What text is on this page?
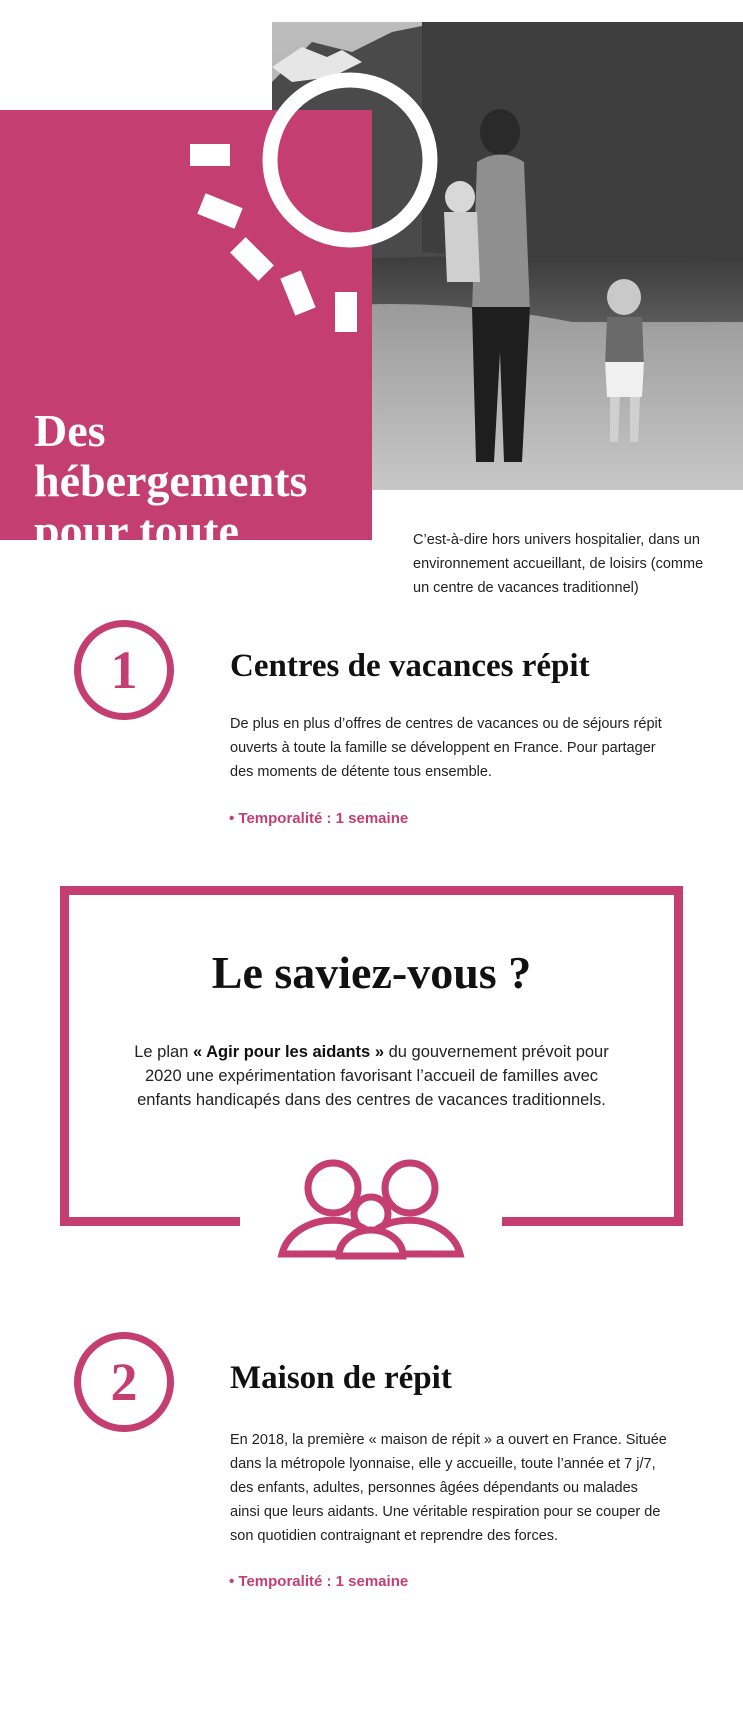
Des
hébergements
pour toute
la famille

C’est-à-dire hors univers hospitalier, dans un environnement accueillant, de loisirs (comme un centre de vacances traditionnel)

1	Centres de vacances répit

De plus en plus d’offres de centres de vacances ou de séjours répit ouverts à toute la famille se développent en France. Pour partager des moments de détente tous ensemble.

• Temporalité : 1 semaine

Le saviez-vous ?

Le plan « Agir pour les aidants » du gouvernement prévoit pour 2020 une expérimentation favorisant l’accueil de familles avec enfants handicapés dans des centres de vacances traditionnels.

2	Maison de répit

En 2018, la première « maison de répit » a ouvert en France. Située dans la métropole lyonnaise, elle y accueille, toute l’année et 7 j/7, des enfants, adultes, personnes âgées dépendants ou malades ainsi que leurs aidants. Une véritable respiration pour se couper de son quotidien contraignant et reprendre des forces.

• Temporalité : 1 semaine
